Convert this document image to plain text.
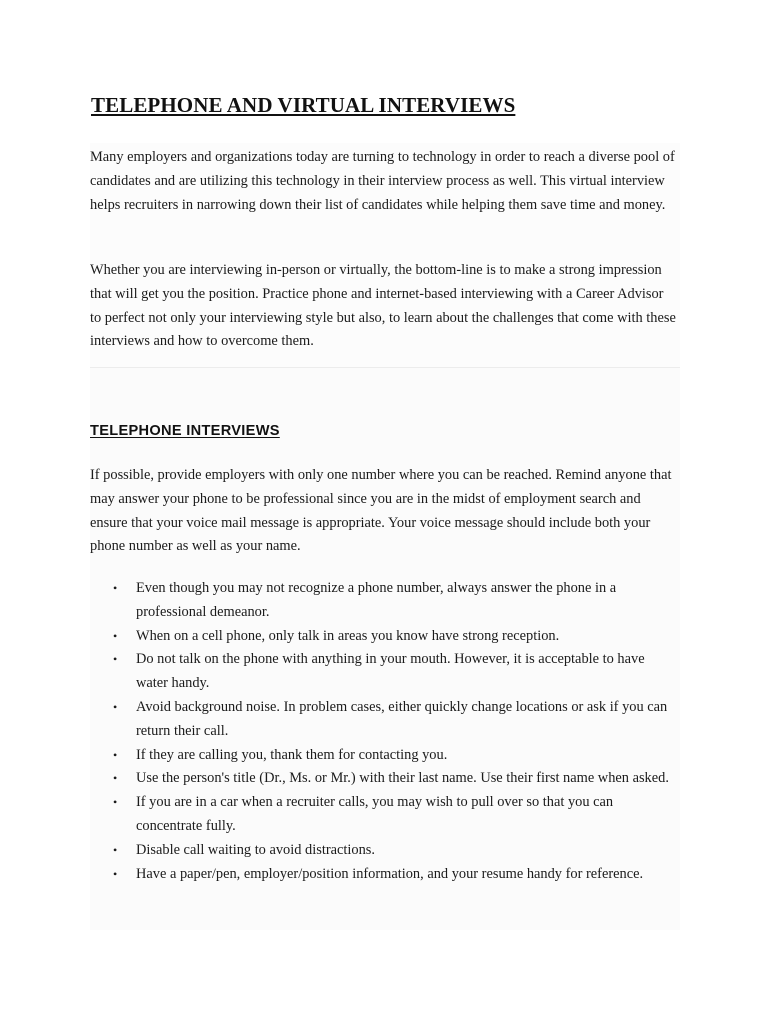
TELEPHONE AND VIRTUAL INTERVIEWS

Many employers and organizations today are turning to technology in order to reach a diverse pool of candidates and are utilizing this technology in their interview process as well. This virtual interview helps recruiters in narrowing down their list of candidates while helping them save time and money.

Whether you are interviewing in-person or virtually, the bottom-line is to make a strong impression that will get you the position. Practice phone and internet-based interviewing with a Career Advisor to perfect not only your interviewing style but also, to learn about the challenges that come with these interviews and how to overcome them.

TELEPHONE INTERVIEWS

If possible, provide employers with only one number where you can be reached. Remind anyone that may answer your phone to be professional since you are in the midst of employment search and ensure that your voice mail message is appropriate. Your voice message should include both your phone number as well as your name.

• Even though you may not recognize a phone number, always answer the phone in a professional demeanor.
• When on a cell phone, only talk in areas you know have strong reception.
• Do not talk on the phone with anything in your mouth. However, it is acceptable to have water handy.
• Avoid background noise. In problem cases, either quickly change locations or ask if you can return their call.
• If they are calling you, thank them for contacting you.
• Use the person's title (Dr., Ms. or Mr.) with their last name. Use their first name when asked.
• If you are in a car when a recruiter calls, you may wish to pull over so that you can concentrate fully.
• Disable call waiting to avoid distractions.
• Have a paper/pen, employer/position information, and your resume handy for reference.
